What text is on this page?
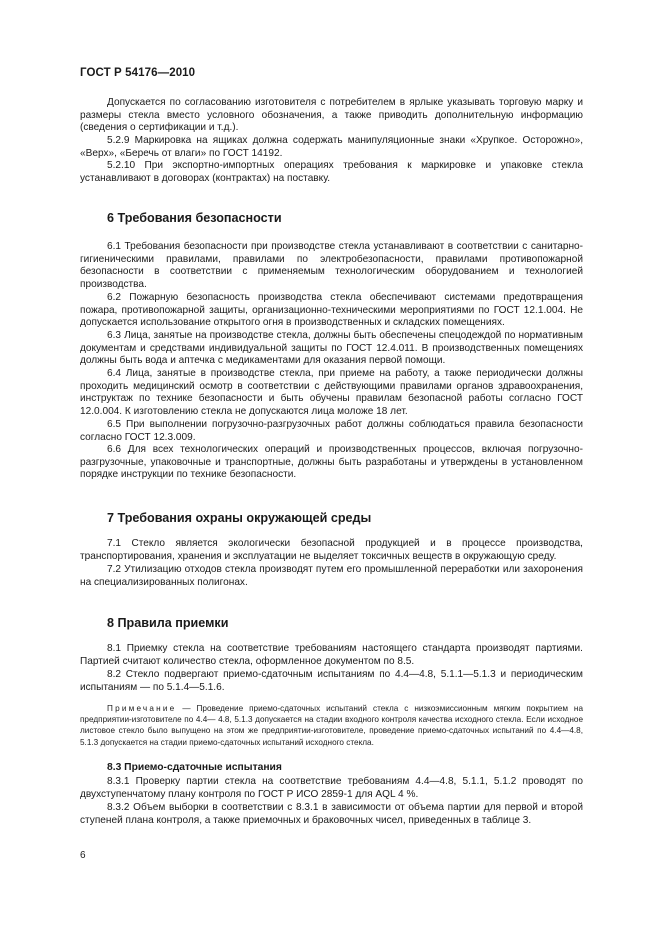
ГОСТ Р 54176—2010

Допускается по согласованию изготовителя с потребителем в ярлыке указывать торговую марку и размеры стекла вместо условного обозначения, а также приводить дополнительную информацию (сведения о сертификации и т.д.).

5.2.9 Маркировка на ящиках должна содержать манипуляционные знаки «Хрупкое. Осторожно», «Верх», «Беречь от влаги» по ГОСТ 14192.

5.2.10 При экспортно-импортных операциях требования к маркировке и упаковке стекла устанавливают в договорах (контрактах) на поставку.

6 Требования безопасности

6.1 Требования безопасности при производстве стекла устанавливают в соответствии с санитарно-гигиеническими правилами, правилами по электробезопасности, правилами противопожарной безопасности в соответствии с применяемым технологическим оборудованием и технологией производства.

6.2 Пожарную безопасность производства стекла обеспечивают системами предотвращения пожара, противопожарной защиты, организационно-техническими мероприятиями по ГОСТ 12.1.004. Не допускается использование открытого огня в производственных и складских помещениях.

6.3 Лица, занятые на производстве стекла, должны быть обеспечены спецодеждой по нормативным документам и средствами индивидуальной защиты по ГОСТ 12.4.011. В производственных помещениях должны быть вода и аптечка с медикаментами для оказания первой помощи.

6.4 Лица, занятые в производстве стекла, при приеме на работу, а также периодически должны проходить медицинский осмотр в соответствии с действующими правилами органов здравоохранения, инструктаж по технике безопасности и быть обучены правилам безопасной работы согласно ГОСТ 12.0.004. К изготовлению стекла не допускаются лица моложе 18 лет.

6.5 При выполнении погрузочно-разгрузочных работ должны соблюдаться правила безопасности согласно ГОСТ 12.3.009.

6.6 Для всех технологических операций и производственных процессов, включая погрузочно-разгрузочные, упаковочные и транспортные, должны быть разработаны и утверждены в установленном порядке инструкции по технике безопасности.

7 Требования охраны окружающей среды

7.1 Стекло является экологически безопасной продукцией и в процессе производства, транспортирования, хранения и эксплуатации не выделяет токсичных веществ в окружающую среду.

7.2 Утилизацию отходов стекла производят путем его промышленной переработки или захоронения на специализированных полигонах.

8 Правила приемки

8.1 Приемку стекла на соответствие требованиям настоящего стандарта производят партиями. Партией считают количество стекла, оформленное документом по 8.5.

8.2 Стекло подвергают приемо-сдаточным испытаниям по 4.4—4.8, 5.1.1—5.1.3 и периодическим испытаниям — по 5.1.4—5.1.6.

Примечание — Проведение приемо-сдаточных испытаний стекла с низкоэмиссионным мягким покрытием на предприятии-изготовителе по 4.4— 4.8, 5.1.3 допускается на стадии входного контроля качества исходного стекла. Если исходное листовое стекло было выпущено на этом же предприятии-изготовителе, проведение приемо-сдаточных испытаний по 4.4—4.8, 5.1.3 допускается на стадии приемо-сдаточных испытаний исходного стекла.

8.3 Приемо-сдаточные испытания

8.3.1 Проверку партии стекла на соответствие требованиям 4.4—4.8, 5.1.1, 5.1.2 проводят по двухступенчатому плану контроля по ГОСТ Р ИСО 2859-1 для AQL 4 %.

8.3.2 Объем выборки в соответствии с 8.3.1 в зависимости от объема партии для первой и второй ступеней плана контроля, а также приемочных и браковочных чисел, приведенных в таблице 3.

6
